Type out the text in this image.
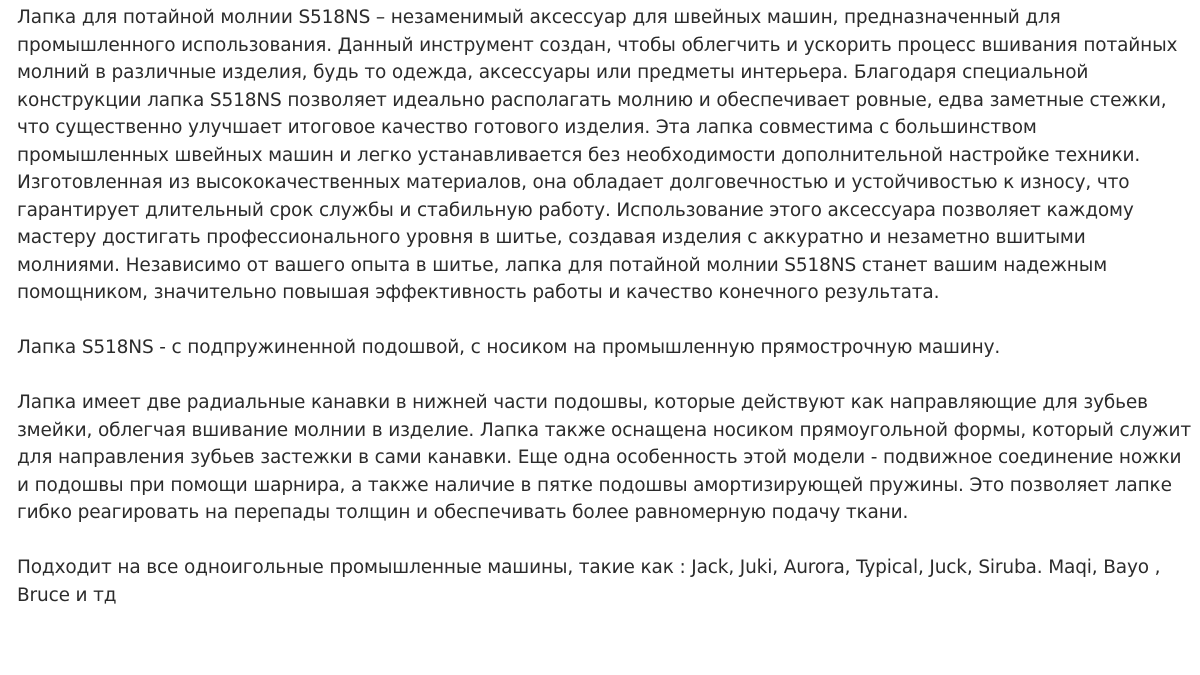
Лапка для потайной молнии S518NS – незаменимый аксессуар для швейных машин, предназначенный для промышленного использования. Данный инструмент создан, чтобы облегчить и ускорить процесс вшивания потайных молний в различные изделия, будь то одежда, аксессуары или предметы интерьера. Благодаря специальной конструкции лапка S518NS позволяет идеально располагать молнию и обеспечивает ровные, едва заметные стежки, что существенно улучшает итоговое качество готового изделия. Эта лапка совместима с большинством промышленных швейных машин и легко устанавливается без необходимости дополнительной настройке техники. Изготовленная из высококачественных материалов, она обладает долговечностью и устойчивостью к износу, что гарантирует длительный срок службы и стабильную работу. Использование этого аксессуара позволяет каждому мастеру достигать профессионального уровня в шитье, создавая изделия с аккуратно и незаметно вшитыми молниями. Независимо от вашего опыта в шитье, лапка для потайной молнии S518NS станет вашим надежным помощником, значительно повышая эффективность работы и качество конечного результата.

Лапка S518NS - с подпружиненной подошвой, с носиком на промышленную прямострочную машину.

Лапка имеет две радиальные канавки в нижней части подошвы, которые действуют как направляющие для зубьев змейки, облегчая вшивание молнии в изделие. Лапка также оснащена носиком прямоугольной формы, который служит для направления зубьев застежки в сами канавки. Еще одна особенность этой модели - подвижное соединение ножки и подошвы при помощи шарнира, а также наличие в пятке подошвы амортизирующей пружины. Это позволяет лапке гибко реагировать на перепады толщин и обеспечивать более равномерную подачу ткани.

Подходит на все одноигольные промышленные машины, такие как : Jack, Juki, Aurora, Typical, Juck, Siruba. Maqi, Bayo , Bruce и тд
